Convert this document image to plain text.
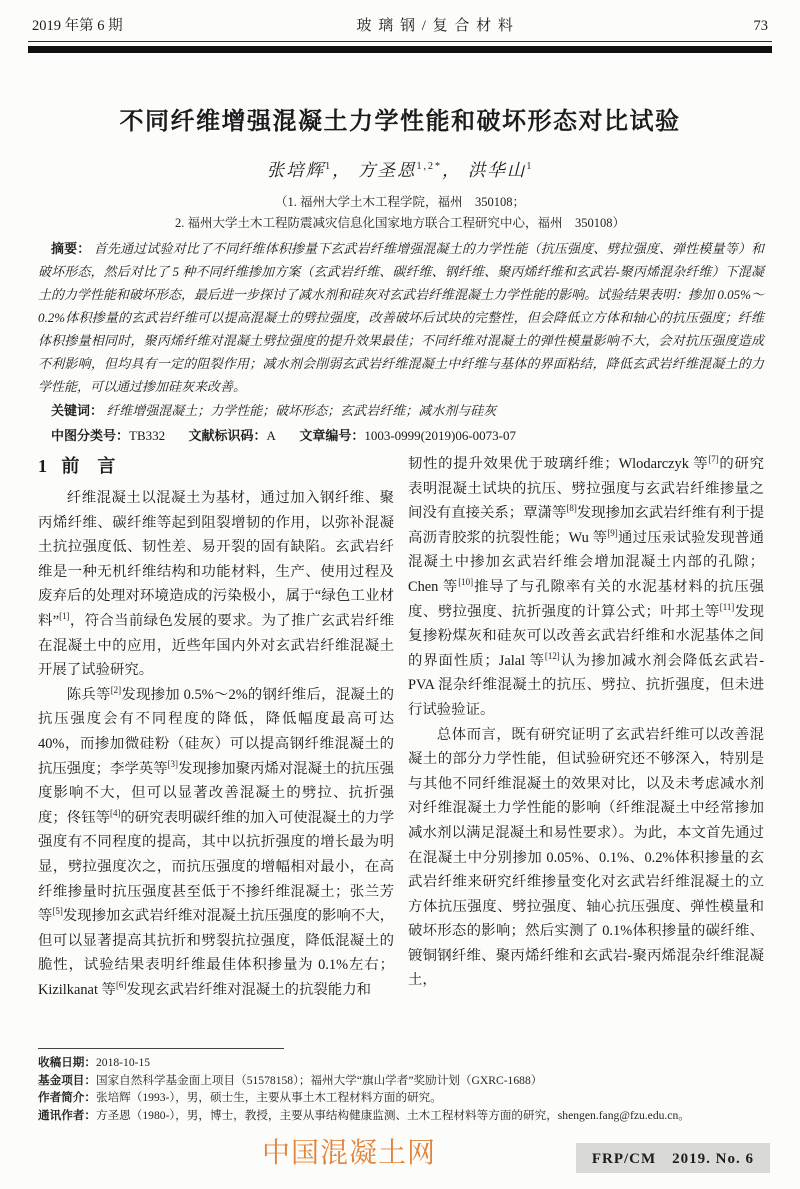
2019 年第 6 期	玻璃钢/复合材料	73
不同纤维增强混凝土力学性能和破坏形态对比试验
张培辉$^1$， 方圣恩$^{1,2*}$， 洪华山$^1$
（1. 福州大学土木工程学院，福州　350108；
2. 福州大学土木工程防震减灾信息化国家地方联合工程研究中心，福州　350108）
摘要： 首先通过试验对比了不同纤维体积掺量下玄武岩纤维增强混凝土的力学性能（抗压强度、劈拉强度、弹性模量等）和破坏形态，然后对比了 5 种不同纤维掺加方案（玄武岩纤维、碳纤维、钢纤维、聚丙烯纤维和玄武岩-聚丙烯混杂纤维）下混凝土的力学性能和破坏形态，最后进一步探讨了减水剂和硅灰对玄武岩纤维混凝土力学性能的影响。试验结果表明：掺加 0.05%～0.2%体积掺量的玄武岩纤维可以提高混凝土的劈拉强度，改善破坏后试块的完整性，但会降低立方体和轴心的抗压强度；纤维体积掺量相同时，聚丙烯纤维对混凝土劈拉强度的提升效果最佳；不同纤维对混凝土的弹性模量影响不大，会对抗压强度造成不利影响，但均具有一定的阻裂作用；减水剂会削弱玄武岩纤维混凝土中纤维与基体的界面粘结，降低玄武岩纤维混凝土的力学性能，可以通过掺加硅灰来改善。
关键词： 纤维增强混凝土；力学性能；破坏形态；玄武岩纤维；减水剂与硅灰
中图分类号：TB332 文献标识码：A 文章编号：1003-0999(2019)06-0073-07
1 前　言

纤维混凝土以混凝土为基材，通过加入钢纤维、聚丙烯纤维、碳纤维等起到阻裂增韧的作用，以弥补混凝土抗拉强度低、韧性差、易开裂的固有缺陷。玄武岩纤维是一种无机纤维结构和功能材料，生产、使用过程及废弃后的处理对环境造成的污染极小，属于“绿色工业材料”[1]，符合当前绿色发展的要求。为了推广玄武岩纤维在混凝土中的应用，近些年国内外对玄武岩纤维混凝土开展了试验研究。

陈兵等[2]发现掺加 0.5%～2%的钢纤维后，混凝土的抗压强度会有不同程度的降低，降低幅度最高可达 40%，而掺加微硅粉（硅灰）可以提高钢纤维混凝土的抗压强度；李学英等[3]发现掺加聚丙烯对混凝土的抗压强度影响不大，但可以显著改善混凝土的劈拉、抗折强度；佟钰等[4]的研究表明碳纤维的加入可使混凝土的力学强度有不同程度的提高，其中以抗折强度的增长最为明显，劈拉强度次之，而抗压强度的增幅相对最小，在高纤维掺量时抗压强度甚至低于不掺纤维混凝土；张兰芳等[5]发现掺加玄武岩纤维对混凝土抗压强度的影响不大，但可以显著提高其抗折和劈裂抗拉强度，降低混凝土的脆性，试验结果表明纤维最佳体积掺量为 0.1%左右；Kizilkanat 等[6]发现玄武岩纤维对混凝土的抗裂能力和

韧性的提升效果优于玻璃纤维；Wlodarczyk 等[7]的研究表明混凝土试块的抗压、劈拉强度与玄武岩纤维掺量之间没有直接关系；覃潇等[8]发现掺加玄武岩纤维有利于提高沥青胶浆的抗裂性能；Wu 等[9]通过压汞试验发现普通混凝土中掺加玄武岩纤维会增加混凝土内部的孔隙；Chen 等[10]推导了与孔隙率有关的水泥基材料的抗压强度、劈拉强度、抗折强度的计算公式；叶邦土等[11]发现复掺粉煤灰和硅灰可以改善玄武岩纤维和水泥基体之间的界面性质；Jalal 等[12]认为掺加减水剂会降低玄武岩-PVA 混杂纤维混凝土的抗压、劈拉、抗折强度，但未进行试验验证。

总体而言，既有研究证明了玄武岩纤维可以改善混凝土的部分力学性能，但试验研究还不够深入，特别是与其他不同纤维混凝土的效果对比，以及未考虑减水剂对纤维混凝土力学性能的影响（纤维混凝土中经常掺加减水剂以满足混凝土和易性要求）。为此，本文首先通过在混凝土中分别掺加 0.05%、0.1%、0.2%体积掺量的玄武岩纤维来研究纤维掺量变化对玄武岩纤维混凝土的立方体抗压强度、劈拉强度、轴心抗压强度、弹性模量和破坏形态的影响；然后实测了 0.1%体积掺量的碳纤维、镀铜钢纤维、聚丙烯纤维和玄武岩-聚丙烯混杂纤维混凝土，

收稿日期：2018-10-15

基金项目：国家自然科学基金面上项目（51578158）；福州大学“旗山学者”奖励计划（GXRC-1688）

作者简介：张培辉（1993-），男，硕士生，主要从事土木工程材料方面的研究。

通讯作者：方圣恩（1980-），男，博士，教授，主要从事结构健康监测、土木工程材料等方面的研究，shengen.fang@fzu.edu.cn。

中国混凝土网	FRP/CM　2019. No. 6
